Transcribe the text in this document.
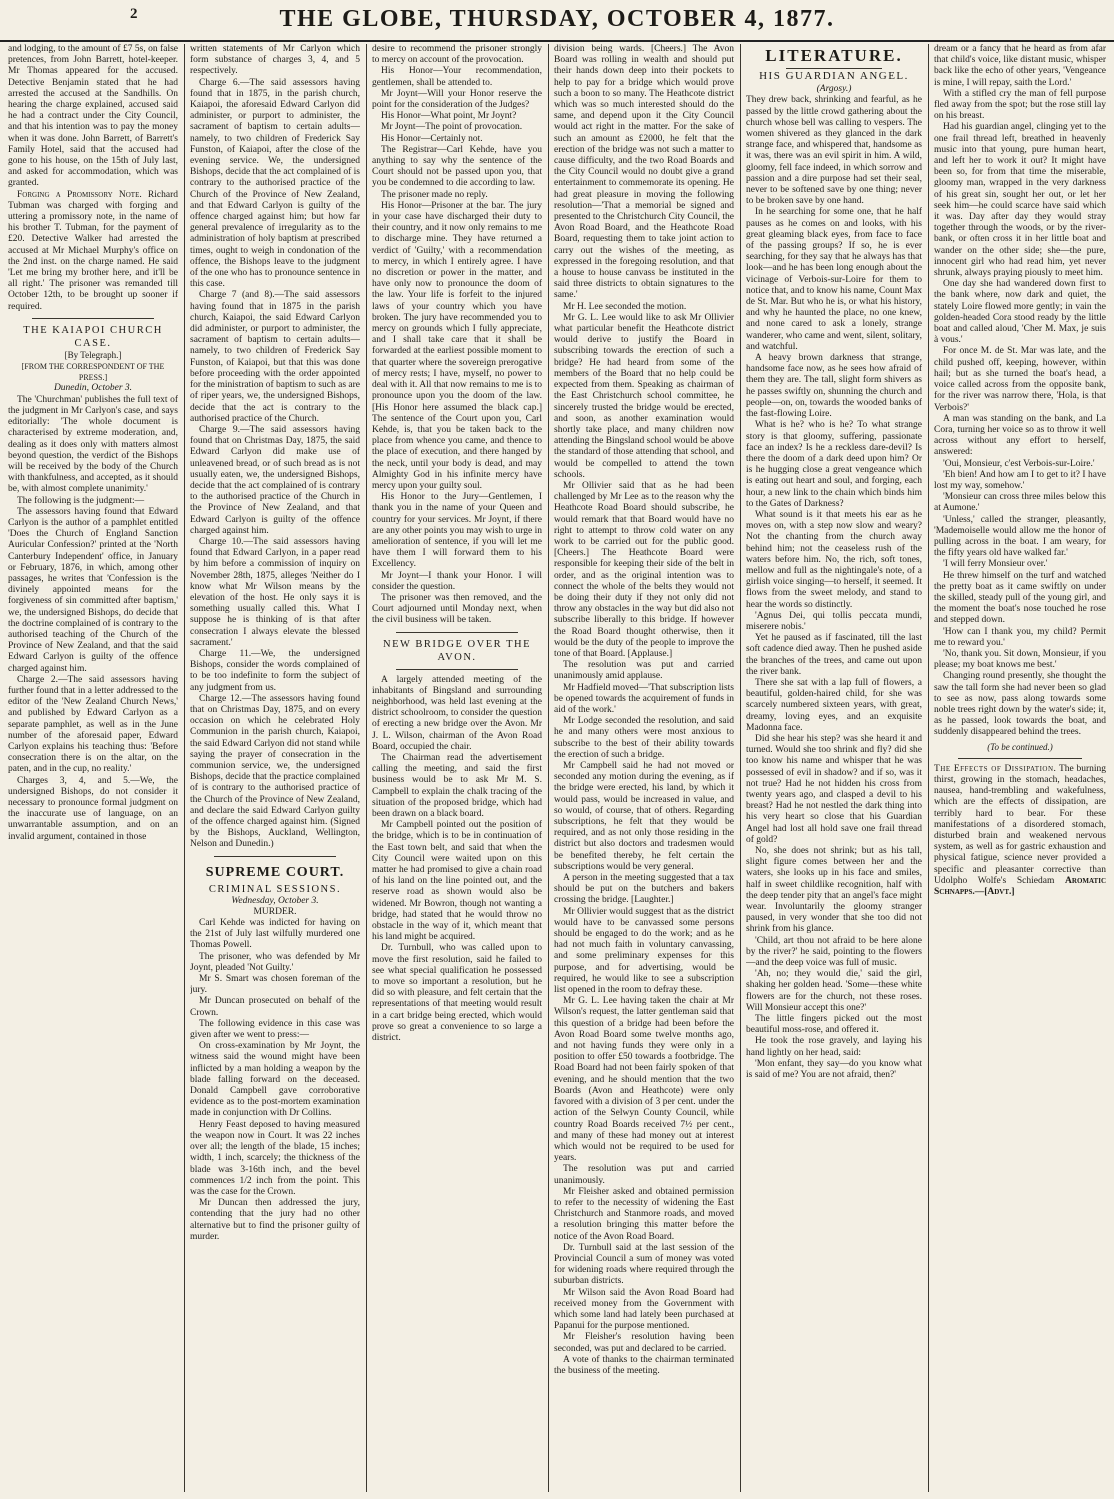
2	THE GLOBE, THURSDAY, OCTOBER 4, 1877.

and lodging, to the amount of £7 5s, on false pretences, from John Barrett, hotel-keeper. Mr Thomas appeared for the accused. Detective Benjamin stated that he had arrested the accused at the Sandhills. On hearing the charge explained, accused said he had a contract under the City Council, and that his intention was to pay the money when it was done. John Barrett, of Barrett's Family Hotel, said that the accused had gone to his house, on the 15th of July last, and asked for accommodation, which was granted.

Forging a Promissory Note. Richard Tubman was charged with forging and uttering a promissory note, in the name of his brother T. Tubman, for the payment of £20. Detective Walker had arrested the accused at Mr Michael Murphy's office on the 2nd inst. on the charge named. He said 'Let me bring my brother here, and it'll be all right.' The prisoner was remanded till October 12th, to be brought up sooner if required.

THE KAIAPOI CHURCH CASE.
[By Telegraph.]
[FROM THE CORRESPONDENT OF THE PRESS.]
Dunedin, October 3.

The 'Churchman' publishes the full text of the judgment in Mr Carlyon's case, and says editorially: 'The whole document is characterised by extreme moderation, and, dealing as it does only with matters almost beyond question, the verdict of the Bishops will be received by the body of the Church with thankfulness, and accepted, as it should be, with almost complete unanimity.'

The following is the judgment:—

The assessors having found that Edward Carlyon is the author of a pamphlet entitled 'Does the Church of England Sanction Auricular Confession?' printed at the 'North Canterbury Independent' office, in January or February, 1876, in which, among other passages, he writes that 'Confession is the divinely appointed means for the forgiveness of sin committed after baptism,' we, the undersigned Bishops, do decide that the doctrine complained of is contrary to the authorised teaching of the Church of the Province of New Zealand, and that the said Edward Carlyon is guilty of the offence charged against him.

Charge 2.—The said assessors having further found that in a letter addressed to the editor of the 'New Zealand Church News,' and published by Edward Carlyon as a separate pamphlet, as well as in the June number of the aforesaid paper, Edward Carlyon explains his teaching thus: 'Before consecration there is on the altar, on the paten, and in the cup, no reality.'

Charges 3, 4, and 5.—We, the undersigned Bishops, do not consider it necessary to pronounce formal judgment on the inaccurate use of language, on an unwarrantable assumption, and on an invalid argument, contained in those

written statements of Mr Carlyon which form substance of charges 3, 4, and 5 respectively.

Charge 6.—The said assessors having found that in 1875, in the parish church, Kaiapoi, the aforesaid Edward Carlyon did administer, or purport to administer, the sacrament of baptism to certain adults—namely, to two children of Frederick Say Funston, of Kaiapoi, after the close of the evening service. We, the undersigned Bishops, decide that the act complained of is contrary to the authorised practice of the Church of the Province of New Zealand, and that Edward Carlyon is guilty of the offence charged against him; but how far general prevalence of irregularity as to the administration of holy baptism at prescribed times, ought to weigh in condonation of the offence, the Bishops leave to the judgment of the one who has to pronounce sentence in this case.

Charge 7 (and 8).—The said assessors having found that in 1875 in the parish church, Kaiapoi, the said Edward Carlyon did administer, or purport to administer, the sacrament of baptism to certain adults—namely, to two children of Frederick Say Funston, of Kaiapoi, but that this was done before proceeding with the order appointed for the ministration of baptism to such as are of riper years, we, the undersigned Bishops, decide that the act is contrary to the authorised practice of the Church.

Charge 9.—The said assessors having found that on Christmas Day, 1875, the said Edward Carlyon did make use of unleavened bread, or of such bread as is not usually eaten, we, the undersigned Bishops, decide that the act complained of is contrary to the authorised practice of the Church in the Province of New Zealand, and that Edward Carlyon is guilty of the offence charged against him.

Charge 10.—The said assessors having found that Edward Carlyon, in a paper read by him before a commission of inquiry on November 28th, 1875, alleges 'Neither do I know what Mr Wilson means by the elevation of the host. He only says it is something usually called this. What I suppose he is thinking of is that after consecration I always elevate the blessed sacrament.'

Charge 11.—We, the undersigned Bishops, consider the words complained of to be too indefinite to form the subject of any judgment from us.

Charge 12.—The assessors having found that on Christmas Day, 1875, and on every occasion on which he celebrated Holy Communion in the parish church, Kaiapoi, the said Edward Carlyon did not stand while saying the prayer of consecration in the communion service, we, the undersigned Bishops, decide that the practice complained of is contrary to the authorised practice of the Church of the Province of New Zealand, and declare the said Edward Carlyon guilty of the offence charged against him. (Signed by the Bishops, Auckland, Wellington, Nelson and Dunedin.)

SUPREME COURT.
CRIMINAL SESSIONS.
Wednesday, October 3.
MURDER.

Carl Kehde was indicted for having on the 21st of July last wilfully murdered one Thomas Powell.

The prisoner, who was defended by Mr Joynt, pleaded 'Not Guilty.'

Mr S. Smart was chosen foreman of the jury.

Mr Duncan prosecuted on behalf of the Crown.

The following evidence in this case was given after we went to press:—

On cross-examination by Mr Joynt, the witness said the wound might have been inflicted by a man holding a weapon by the blade falling forward on the deceased. Donald Campbell gave corroborative evidence as to the post-mortem examination made in conjunction with Dr Collins.

Henry Feast deposed to having measured the weapon now in Court. It was 22 inches over all; the length of the blade, 15 inches; width, 1 inch, scarcely; the thickness of the blade was 3-16th inch, and the bevel commences 1/2 inch from the point. This was the case for the Crown.

Mr Duncan then addressed the jury, contending that the jury had no other alternative but to find the prisoner guilty of murder.

desire to recommend the prisoner strongly to mercy on account of the provocation.

His Honor—Your recommendation, gentlemen, shall be attended to.

Mr Joynt—Will your Honor reserve the point for the consideration of the Judges?

His Honor—What point, Mr Joynt?

Mr Joynt—The point of provocation.

His Honor—Certainly not.

The Registrar—Carl Kehde, have you anything to say why the sentence of the Court should not be passed upon you, that you be condemned to die according to law.

The prisoner made no reply.

His Honor—Prisoner at the bar. The jury in your case have discharged their duty to their country, and it now only remains to me to discharge mine. They have returned a verdict of 'Guilty,' with a recommendation to mercy, in which I entirely agree. I have no discretion or power in the matter, and have only now to pronounce the doom of the law. Your life is forfeit to the injured laws of your country which you have broken. The jury have recommended you to mercy on grounds which I fully appreciate, and I shall take care that it shall be forwarded at the earliest possible moment to that quarter where the sovereign prerogative of mercy rests; I have, myself, no power to deal with it. All that now remains to me is to pronounce upon you the doom of the law. [His Honor here assumed the black cap.] The sentence of the Court upon you, Carl Kehde, is, that you be taken back to the place from whence you came, and thence to the place of execution, and there hanged by the neck, until your body is dead, and may Almighty God in his infinite mercy have mercy upon your guilty soul.

His Honor to the Jury—Gentlemen, I thank you in the name of your Queen and country for your services. Mr Joynt, if there are any other points you may wish to urge in amelioration of sentence, if you will let me have them I will forward them to his Excellency.

Mr Joynt—I thank your Honor. I will consider the question.

The prisoner was then removed, and the Court adjourned until Monday next, when the civil business will be taken.

NEW BRIDGE OVER THE AVON.

A largely attended meeting of the inhabitants of Bingsland and surrounding neighborhood, was held last evening at the district schoolroom, to consider the question of erecting a new bridge over the Avon. Mr J. L. Wilson, chairman of the Avon Road Board, occupied the chair.

The Chairman read the advertisement calling the meeting, and said the first business would be to ask Mr M. S. Campbell to explain the chalk tracing of the situation of the proposed bridge, which had been drawn on a black board.

Mr Campbell pointed out the position of the bridge, which is to be in continuation of the East town belt, and said that when the City Council were waited upon on this matter he had promised to give a chain road of his land on the line pointed out, and the reserve road as shown would also be widened. Mr Bowron, though not wanting a bridge, had stated that he would throw no obstacle in the way of it, which meant that his land might be acquired.

Dr. Turnbull, who was called upon to move the first resolution, said he failed to see what special qualification he possessed to move so important a resolution, but he did so with pleasure, and felt certain that the representations of that meeting would result in a cart bridge being erected, which would prove so great a convenience to so large a district.

division being wards. [Cheers.] The Avon Board was rolling in wealth and should put their hands down deep into their pockets to help to pay for a bridge which would prove such a boon to so many. The Heathcote district which was so much interested should do the same, and depend upon it the City Council would act right in the matter. For the sake of such an amount as £2000, he felt that the erection of the bridge was not such a matter to cause difficulty, and the two Road Boards and the City Council would no doubt give a grand entertainment to commemorate its opening. He had great pleasure in moving the following resolution—'That a memorial be signed and presented to the Christchurch City Council, the Avon Road Board, and the Heathcote Road Board, requesting them to take joint action to carry out the wishes of the meeting, as expressed in the foregoing resolution, and that a house to house canvass be instituted in the said three districts to obtain signatures to the same.'

Mr H. Lee seconded the motion.

Mr G. L. Lee would like to ask Mr Ollivier what particular benefit the Heathcote district would derive to justify the Board in subscribing towards the erection of such a bridge? He had heard from some of the members of the Board that no help could be expected from them. Speaking as chairman of the East Christchurch school committee, he sincerely trusted the bridge would be erected, and soon, as another examination would shortly take place, and many children now attending the Bingsland school would be above the standard of those attending that school, and would be compelled to attend the town schools.

Mr Ollivier said that as he had been challenged by Mr Lee as to the reason why the Heathcote Road Board should subscribe, he would remark that that Board would have no right to attempt to throw cold water on any work to be carried out for the public good. [Cheers.] The Heathcote Board were responsible for keeping their side of the belt in order, and as the original intention was to connect the whole of the belts they would not be doing their duty if they not only did not throw any obstacles in the way but did also not subscribe liberally to this bridge. If however the Road Board thought otherwise, then it would be the duty of the people to improve the tone of that Board. [Applause.]

The resolution was put and carried unanimously amid applause.

Mr Hadfield moved—'That subscription lists be opened towards the acquirement of funds in aid of the work.'

Mr Lodge seconded the resolution, and said he and many others were most anxious to subscribe to the best of their ability towards the erection of such a bridge.

Mr Campbell said he had not moved or seconded any motion during the evening, as if the bridge were erected, his land, by which it would pass, would be increased in value, and so would, of course, that of others. Regarding subscriptions, he felt that they would be required, and as not only those residing in the district but also doctors and tradesmen would be benefited thereby, he felt certain the subscriptions would be very general.

A person in the meeting suggested that a tax should be put on the butchers and bakers crossing the bridge. [Laughter.]

Mr Ollivier would suggest that as the district would have to be canvassed some persons should be engaged to do the work; and as he had not much faith in voluntary canvassing, and some preliminary expenses for this purpose, and for advertising, would be required, he would like to see a subscription list opened in the room to defray these.

Mr G. L. Lee having taken the chair at Mr Wilson's request, the latter gentleman said that this question of a bridge had been before the Avon Road Board some twelve months ago, and not having funds they were only in a position to offer £50 towards a footbridge. The Road Board had not been fairly spoken of that evening, and he should mention that the two Boards (Avon and Heathcote) were only favored with a division of 3 per cent. under the action of the Selwyn County Council, while country Road Boards received 7½ per cent., and many of these had money out at interest which would not be required to be used for years.

The resolution was put and carried unanimously.

Mr Fleisher asked and obtained permission to refer to the necessity of widening the East Christchurch and Stanmore roads, and moved a resolution bringing this matter before the notice of the Avon Road Board.

Dr. Turnbull said at the last session of the Provincial Council a sum of money was voted for widening roads where required through the suburban districts.

Mr Wilson said the Avon Road Board had received money from the Government with which some land had lately been purchased at Papanui for the purpose mentioned.

Mr Fleisher's resolution having been seconded, was put and declared to be carried.

A vote of thanks to the chairman terminated the business of the meeting.

LITERATURE.
HIS GUARDIAN ANGEL.
(Argosy.)

They drew back, shrinking and fearful, as he passed by the little crowd gathering about the church whose bell was calling to vespers. The women shivered as they glanced in the dark strange face, and whispered that, handsome as it was, there was an evil spirit in him. A wild, gloomy, fell face indeed, in which sorrow and passion and a dire purpose had set their seal, never to be softened save by one thing; never to be broken save by one hand.

In he searching for some one, that he half pauses as he comes on and looks, with his great gleaming black eyes, from face to face of the passing groups? If so, he is ever searching, for they say that he always has that look—and he has been long enough about the vicinage of Verbois-sur-Loire for them to notice that, and to know his name, Count Max de St. Mar. But who he is, or what his history, and why he haunted the place, no one knew, and none cared to ask a lonely, strange wanderer, who came and went, silent, solitary, and watchful.

A heavy brown darkness that strange, handsome face now, as he sees how afraid of them they are. The tall, slight form shivers as he passes swiftly on, shunning the church and people—on, on, towards the wooded banks of the fast-flowing Loire.

What is he? who is he? To what strange story is that gloomy, suffering, passionate face an index? Is he a reckless dare-devil? Is there the doom of a dark deed upon him? Or is he hugging close a great vengeance which is eating out heart and soul, and forging, each hour, a new link to the chain which binds him to the Gates of Darkness?

What sound is it that meets his ear as he moves on, with a step now slow and weary? Not the chanting from the church away behind him; not the ceaseless rush of the waters before him. No, the rich, soft tones, mellow and full as the nightingale's note, of a girlish voice singing—to herself, it seemed. It flows from the sweet melody, and stand to hear the words so distinctly.

'Agnus Dei, qui tollis peccata mundi, miserere nobis.'

Yet he paused as if fascinated, till the last soft cadence died away. Then he pushed aside the branches of the trees, and came out upon the river bank.

There she sat with a lap full of flowers, a beautiful, golden-haired child, for she was scarcely numbered sixteen years, with great, dreamy, loving eyes, and an exquisite Madonna face.

Did she hear his step? was she heard it and turned. Would she too shrink and fly? did she too know his name and whisper that he was possessed of evil in shadow? and if so, was it not true? Had he not hidden his cross from twenty years ago, and clasped a devil to his breast? Had he not nestled the dark thing into his very heart so close that his Guardian Angel had lost all hold save one frail thread of gold?

No, she does not shrink; but as his tall, slight figure comes between her and the waters, she looks up in his face and smiles, half in sweet childlike recognition, half with the deep tender pity that an angel's face might wear. Involuntarily the gloomy stranger paused, in very wonder that she too did not shrink from his glance.

'Child, art thou not afraid to be here alone by the river?' he said, pointing to the flowers—and the deep voice was full of music.

'Ah, no; they would die,' said the girl, shaking her golden head. 'Some—these white flowers are for the church, not these roses. Will Monsieur accept this one?'

The little fingers picked out the most beautiful moss-rose, and offered it.

He took the rose gravely, and laying his hand lightly on her head, said:

'Mon enfant, they say—do you know what is said of me? You are not afraid, then?'

dream or a fancy that he heard as from afar that child's voice, like distant music, whisper back like the echo of other years, 'Vengeance is mine, I will repay, saith the Lord.'

With a stifled cry the man of fell purpose fled away from the spot; but the rose still lay on his breast.

Had his guardian angel, clinging yet to the one frail thread left, breathed in heavenly music into that young, pure human heart, and left her to work it out? It might have been so, for from that time the miserable, gloomy man, wrapped in the very darkness of his great sin, sought her out, or let her seek him—he could scarce have said which it was. Day after day they would stray together through the woods, or by the river-bank, or often cross it in her little boat and wander on the other side; she—the pure, innocent girl who had read him, yet never shrunk, always praying piously to meet him.

One day she had wandered down first to the bank where, now dark and quiet, the stately Loire flowed more gently; in vain the golden-headed Cora stood ready by the little boat and called aloud, 'Cher M. Max, je suis à vous.'

For once M. de St. Mar was late, and the child pushed off, keeping, however, within hail; but as she turned the boat's head, a voice called across from the opposite bank, for the river was narrow there, 'Hola, is that Verbois?'

A man was standing on the bank, and La Cora, turning her voice so as to throw it well across without any effort to herself, answered:

'Oui, Monsieur, c'est Verbois-sur-Loire.'

'Eh bien! And how am I to get to it? I have lost my way, somehow.'

'Monsieur can cross three miles below this at Aumone.'

'Unless,' called the stranger, pleasantly, 'Mademoiselle would allow me the honor of pulling across in the boat. I am weary, for the fifty years old have walked far.'

'I will ferry Monsieur over.'

He threw himself on the turf and watched the pretty boat as it came swiftly on under the skilled, steady pull of the young girl, and the moment the boat's nose touched he rose and stepped down.

'How can I thank you, my child? Permit me to reward you.'

'No, thank you. Sit down, Monsieur, if you please; my boat knows me best.'

Changing round presently, she thought the saw the tall form she had never been so glad to see as now, pass along towards some noble trees right down by the water's side; it, as he passed, look towards the boat, and suddenly disappeared behind the trees.

(To be continued.)

The Effects of Dissipation. The burning thirst, growing in the stomach, headaches, nausea, hand-trembling and wakefulness, which are the effects of dissipation, are terribly hard to bear. For these manifestations of a disordered stomach, disturbed brain and weakened nervous system, as well as for gastric exhaustion and physical fatigue, science never provided a specific and pleasanter corrective than Udolpho Wolfe's Schiedam Aromatic Schnapps.—[Advt.]
